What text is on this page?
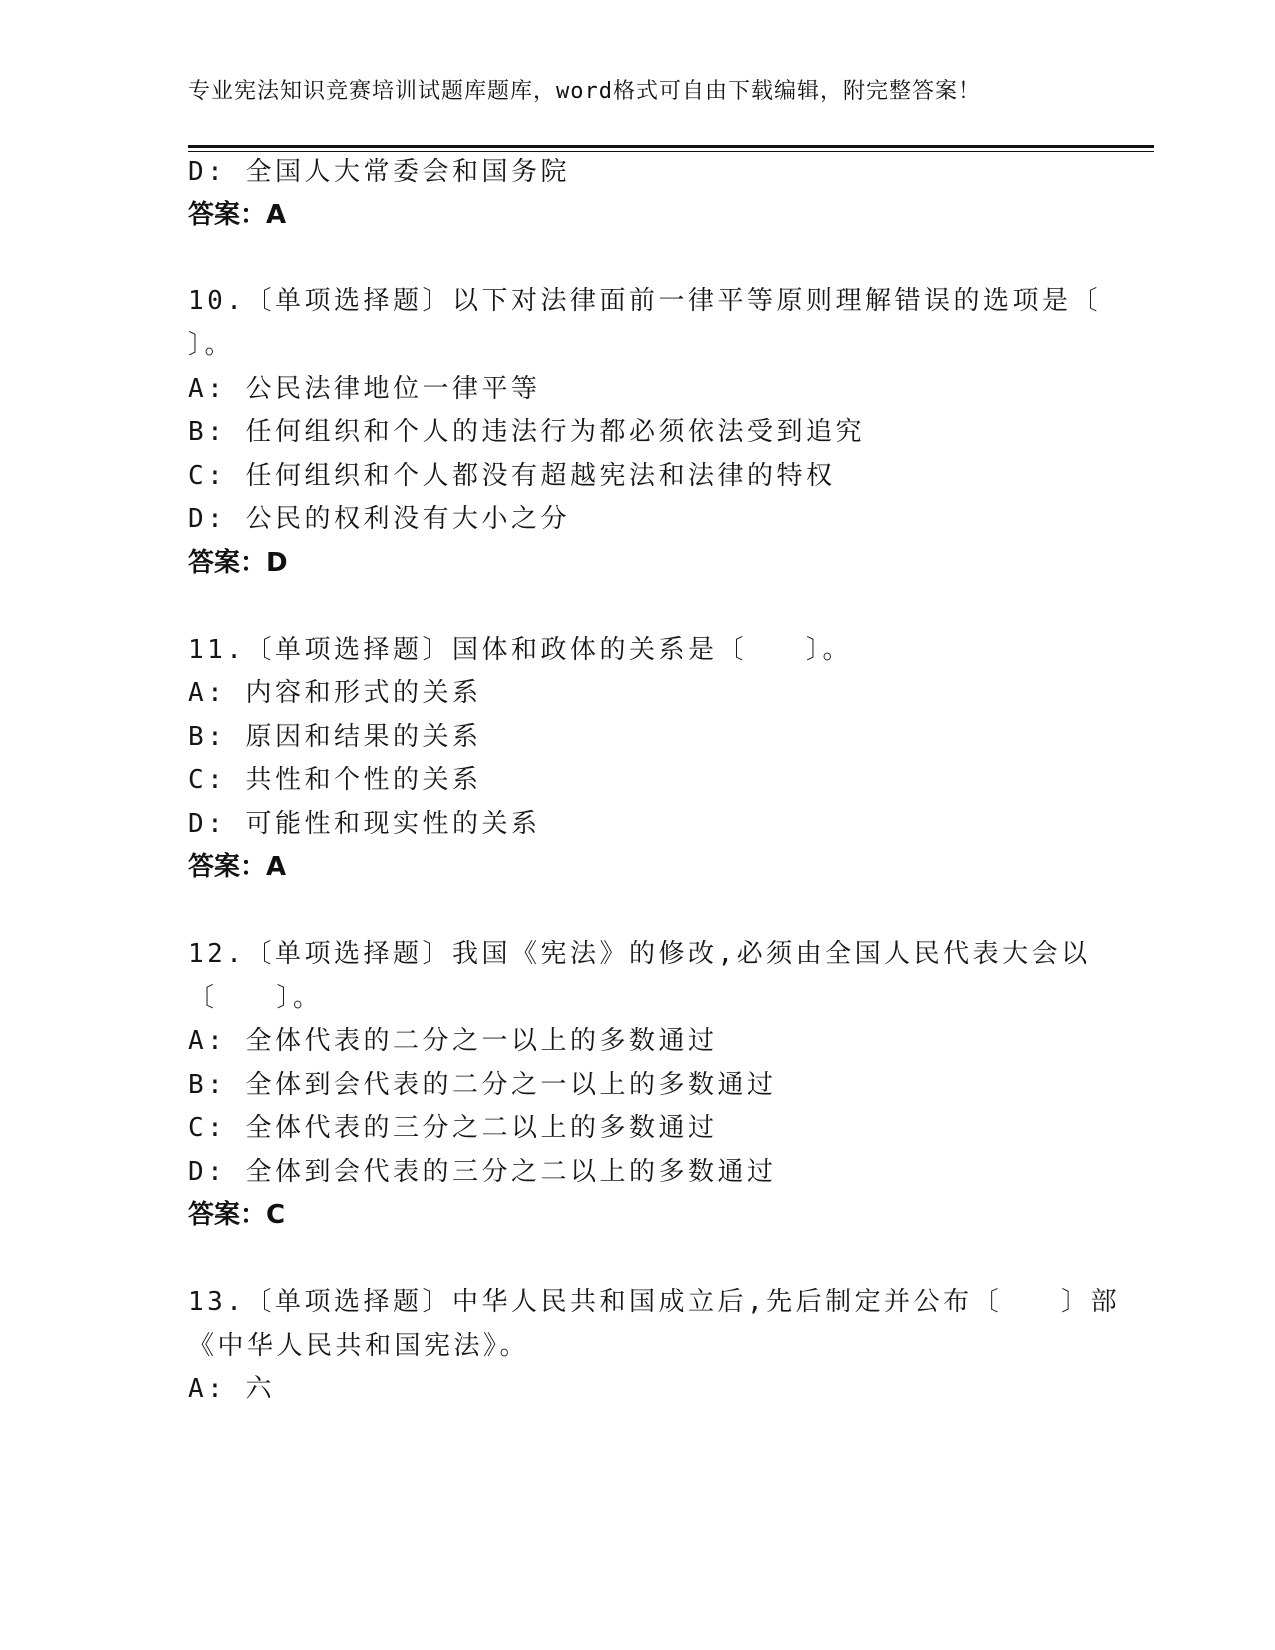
专业宪法知识竞赛培训试题库题库，word格式可自由下载编辑，附完整答案！
D: 全国人大常委会和国务院
答案：A
10.〔单项选择题〕以下对法律面前一律平等原则理解错误的选项是〔
〕。
A: 公民法律地位一律平等
B: 任何组织和个人的违法行为都必须依法受到追究
C: 任何组织和个人都没有超越宪法和法律的特权
D: 公民的权利没有大小之分
答案：D
11.〔单项选择题〕国体和政体的关系是〔　　〕。
A: 内容和形式的关系
B: 原因和结果的关系
C: 共性和个性的关系
D: 可能性和现实性的关系
答案：A
12.〔单项选择题〕我国《宪法》的修改,必须由全国人民代表大会以
〔　　〕。
A: 全体代表的二分之一以上的多数通过
B: 全体到会代表的二分之一以上的多数通过
C: 全体代表的三分之二以上的多数通过
D: 全体到会代表的三分之二以上的多数通过
答案：C
13.〔单项选择题〕中华人民共和国成立后,先后制定并公布〔　　〕部
《中华人民共和国宪法》。
A: 六
